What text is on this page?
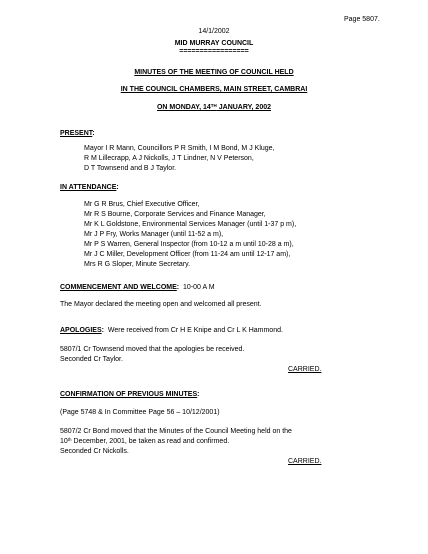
Page 5807.
14/1/2002
MID MURRAY COUNCIL
=================
MINUTES OF THE MEETING OF COUNCIL HELD
IN THE COUNCIL CHAMBERS, MAIN STREET, CAMBRAI
ON MONDAY, 14TH JANUARY, 2002
PRESENT:
Mayor I R Mann, Councillors P R Smith, I M Bond, M J Kluge,
R M Lillecrapp, A J Nickolls, J T Lindner, N V Peterson,
D T Townsend and B J Taylor.
IN ATTENDANCE:
Mr G R Brus, Chief Executive Officer,
Mr R S Bourne, Corporate Services and Finance Manager,
Mr K L Goldstone, Environmental Services Manager (until 1-37 p m),
Mr J P Fry, Works Manager (until 11-52 a m),
Mr P S Warren, General Inspector (from 10-12 a m until 10-28 a m),
Mr J C Miller, Development Officer (from 11-24 am until 12-17 am),
Mrs R G Sloper, Minute Secretary.
COMMENCEMENT AND WELCOME: 10-00 A M
The Mayor declared the meeting open and welcomed all present.
APOLOGIES: Were received from Cr H E Knipe and Cr L K Hammond.
5807/1 Cr Townsend moved that the apologies be received.
Seconded Cr Taylor.
CARRIED.
CONFIRMATION OF PREVIOUS MINUTES:
(Page 5748 & In Committee Page 56 – 10/12/2001)
5807/2 Cr Bond moved that the Minutes of the Council Meeting held on the
10th December, 2001, be taken as read and confirmed.
Seconded Cr Nickolls.
CARRIED.
